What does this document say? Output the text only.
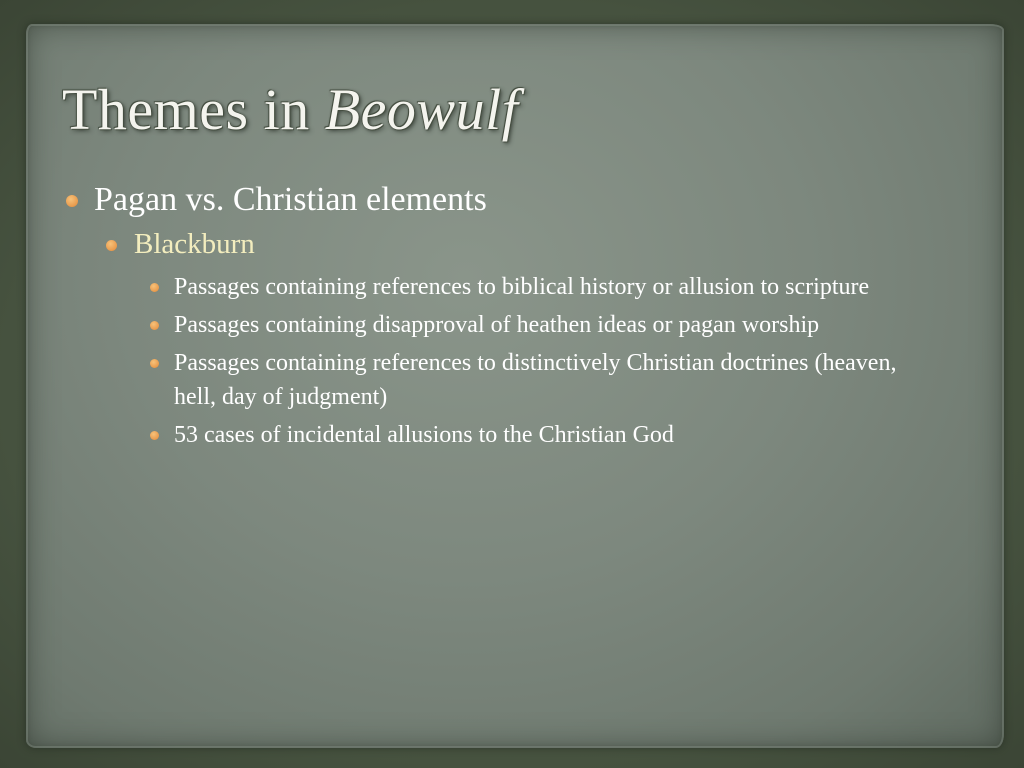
Themes in Beowulf
Pagan vs. Christian elements
Blackburn
Passages containing references to biblical history or allusion to scripture
Passages containing disapproval of heathen ideas or pagan worship
Passages containing references to distinctively Christian doctrines (heaven, hell, day of judgment)
53 cases of incidental allusions to the Christian God
